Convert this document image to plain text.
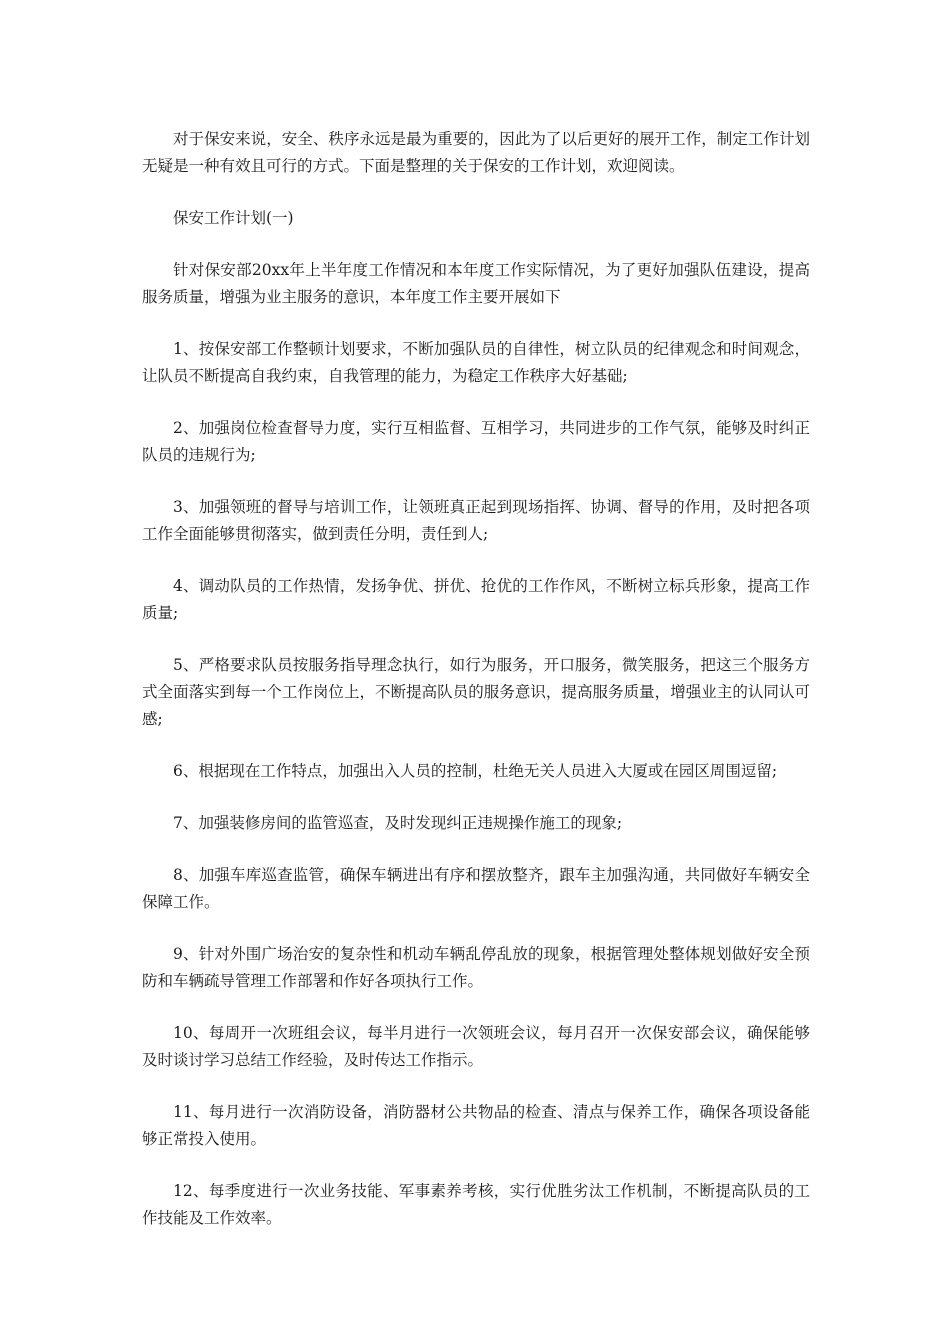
对于保安来说，安全、秩序永远是最为重要的，因此为了以后更好的展开工作，制定工作计划无疑是一种有效且可行的方式。下面是整理的关于保安的工作计划，欢迎阅读。

保安工作计划(一)

针对保安部20xx年上半年度工作情况和本年度工作实际情况，为了更好加强队伍建设，提高服务质量，增强为业主服务的意识，本年度工作主要开展如下

1、按保安部工作整顿计划要求，不断加强队员的自律性，树立队员的纪律观念和时间观念，让队员不断提高自我约束，自我管理的能力，为稳定工作秩序大好基础;

2、加强岗位检查督导力度，实行互相监督、互相学习，共同进步的工作气氛，能够及时纠正队员的违规行为;

3、加强领班的督导与培训工作，让领班真正起到现场指挥、协调、督导的作用，及时把各项工作全面能够贯彻落实，做到责任分明，责任到人;

4、调动队员的工作热情，发扬争优、拼优、抢优的工作作风，不断树立标兵形象，提高工作质量;

5、严格要求队员按服务指导理念执行，如行为服务，开口服务，微笑服务，把这三个服务方式全面落实到每一个工作岗位上，不断提高队员的服务意识，提高服务质量，增强业主的认同认可感;

6、根据现在工作特点，加强出入人员的控制，杜绝无关人员进入大厦或在园区周围逗留;

7、加强装修房间的监管巡查，及时发现纠正违规操作施工的现象;

8、加强车库巡查监管，确保车辆进出有序和摆放整齐，跟车主加强沟通，共同做好车辆安全保障工作。

9、针对外围广场治安的复杂性和机动车辆乱停乱放的现象，根据管理处整体规划做好安全预防和车辆疏导管理工作部署和作好各项执行工作。

10、每周开一次班组会议，每半月进行一次领班会议，每月召开一次保安部会议，确保能够及时谈讨学习总结工作经验，及时传达工作指示。

11、每月进行一次消防设备，消防器材公共物品的检查、清点与保养工作，确保各项设备能够正常投入使用。

12、每季度进行一次业务技能、军事素养考核，实行优胜劣汰工作机制，不断提高队员的工作技能及工作效率。
